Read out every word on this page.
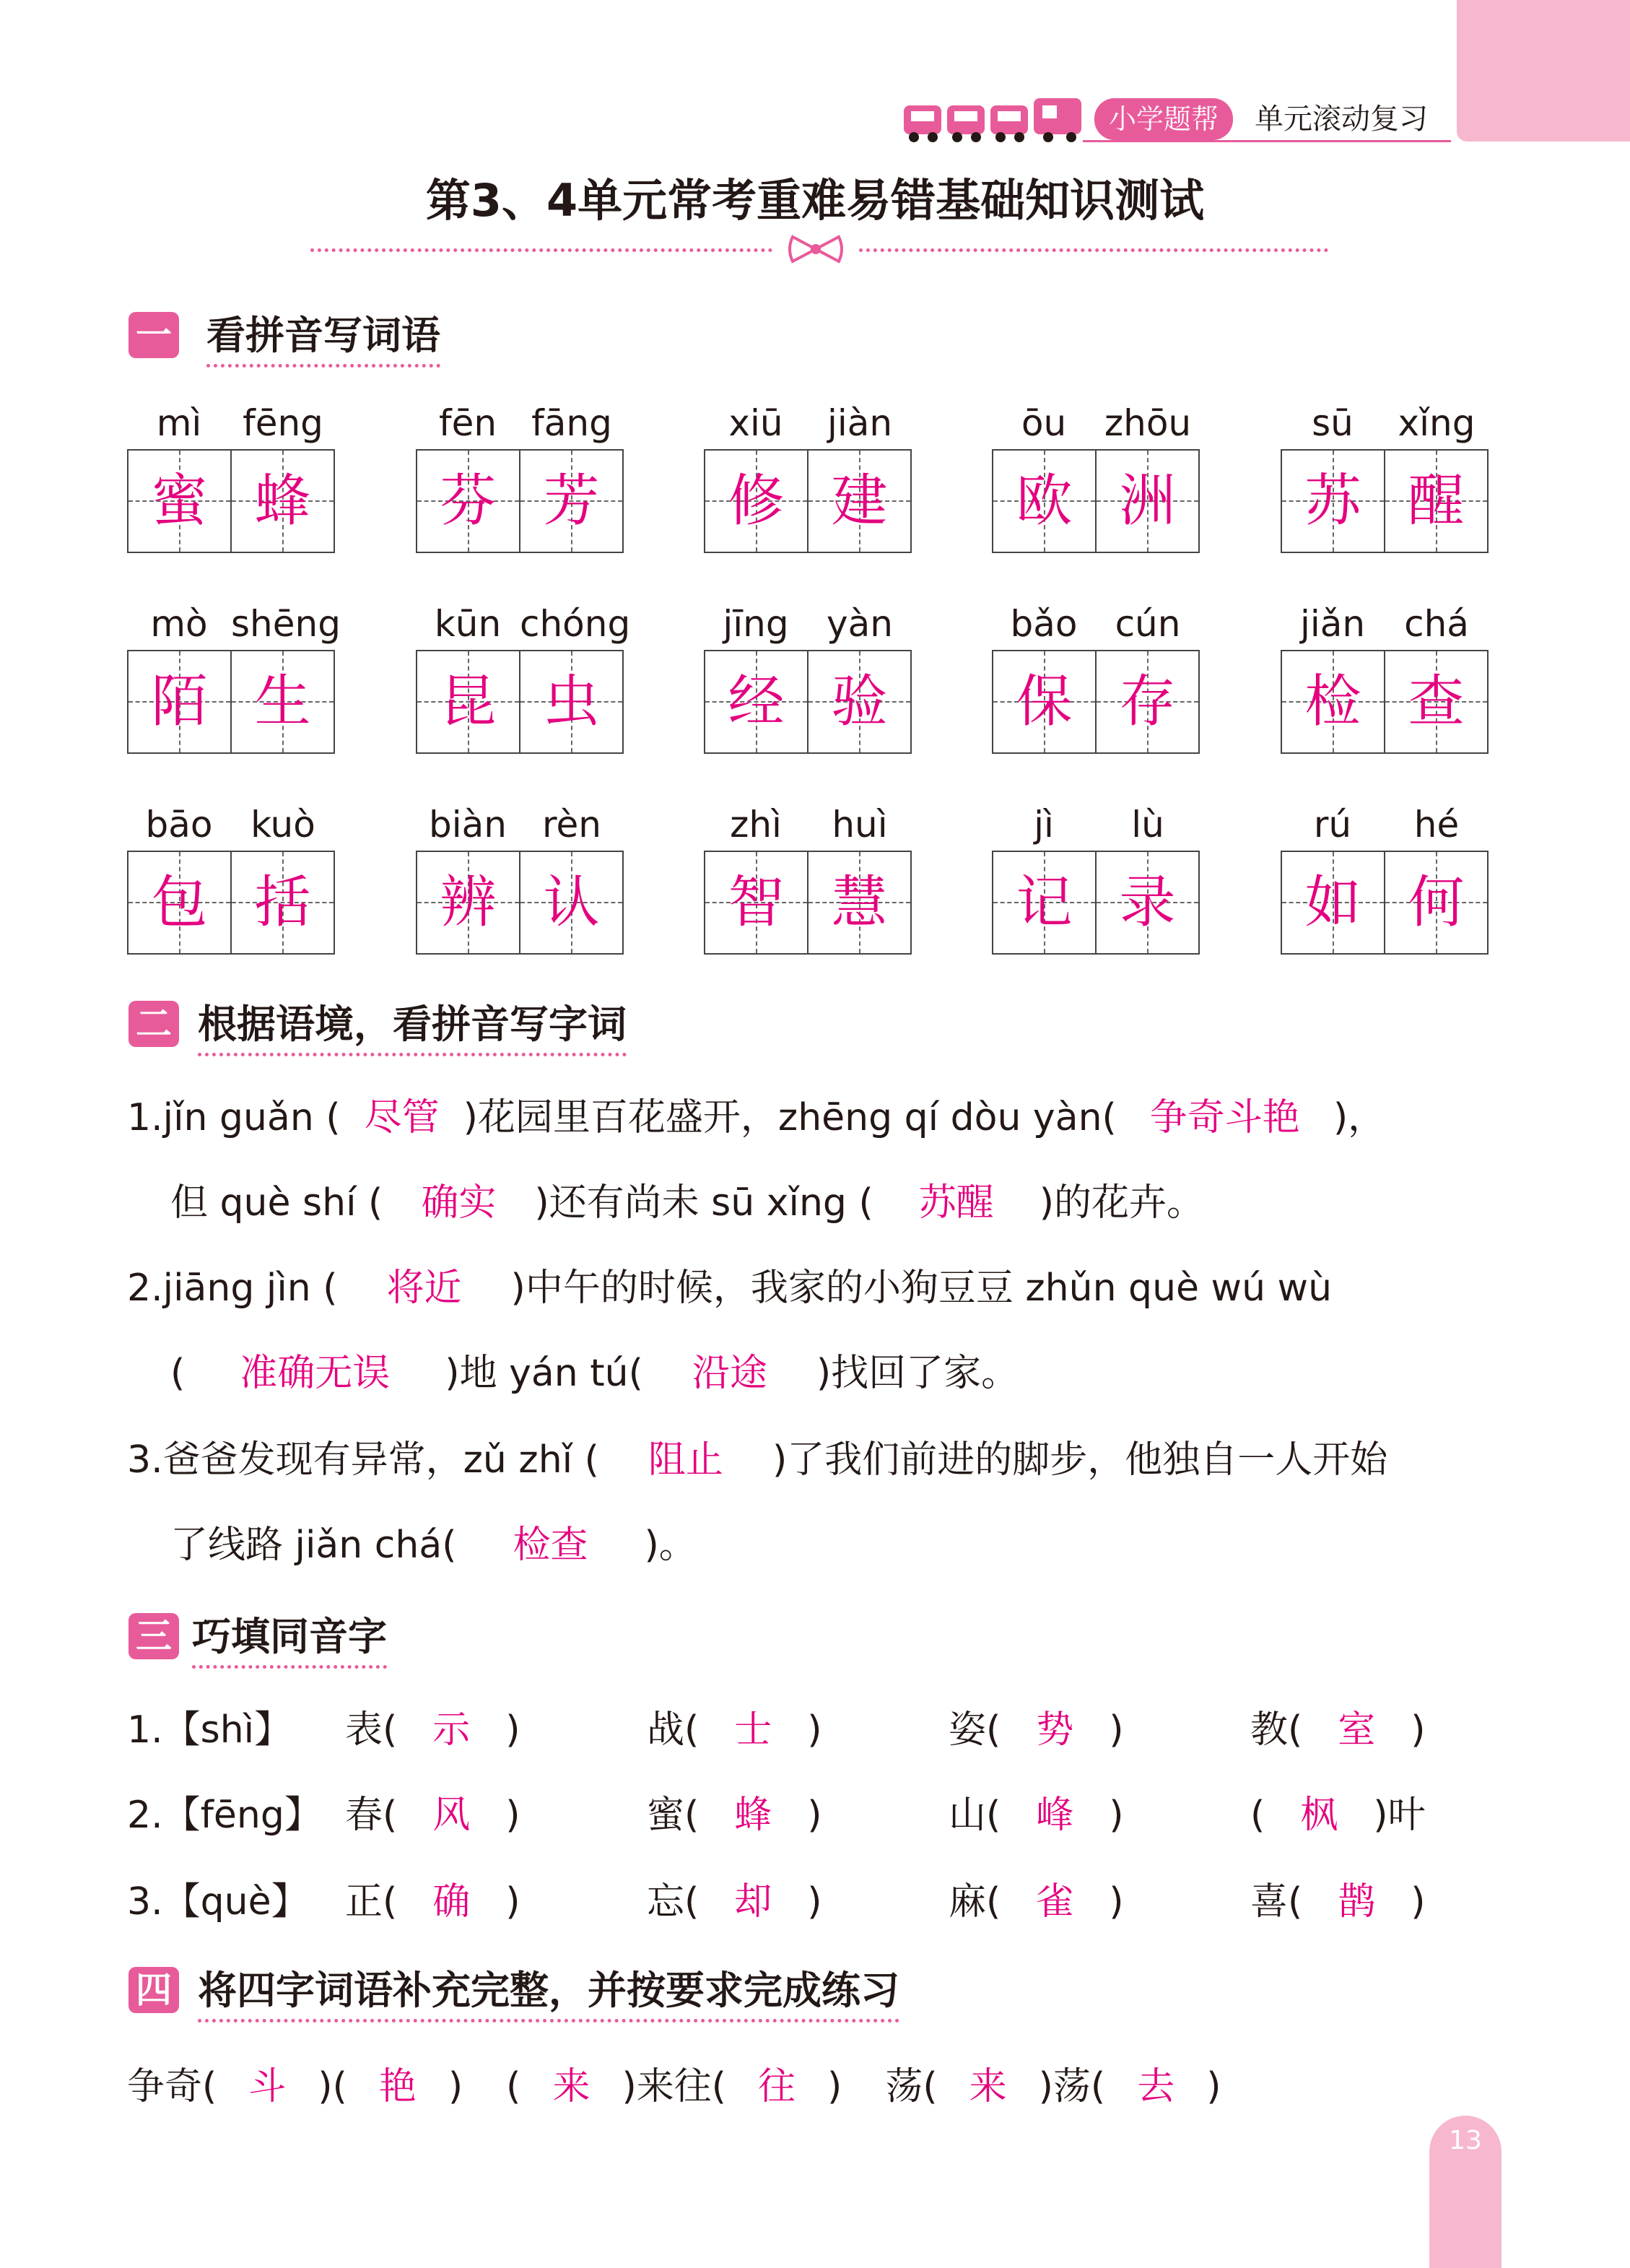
小学题帮	单元滚动复习
第3、4单元常考重难易错基础知识测试
一 看拼音写词语
mì	fēng
蜜 蜂
fēn fāng
芬 芳
xiū	jiàn
修 建
ōu	zhōu
欧 洲
sū	xǐng
苏 醒
mò shēng
陌 生
kūn chóng
昆 虫
jīng	yàn
经 验
bǎo	cún
保 存
jiǎn	chá
检 查
bāo	kuò
包 括
biàn rèn
辨 认
zhì	huì
智 慧
jì	lù
记 录
rú	hé
如 何
二 根据语境，看拼音写字词
1.jǐn guǎn ( 尽管 )花园里百花盛开，zhēng qí dòu yàn( 争奇斗艳 )，
但 què shí ( 确实 )还有尚未 sū xǐng ( 苏醒 )的花卉。
2.jiāng jìn ( 将近 )中午的时候，我家的小狗豆豆 zhǔn què wú wù
( 准确无误 )地 yán tú( 沿途 )找回了家。
3.爸爸发现有异常，zǔ zhǐ ( 阻止 )了我们前进的脚步，他独自一人开始
了线路 jiǎn chá( 检查 )。
三 巧填同音字
1.【shì】 表( 示 )	战( 士 )	姿( 势 )	教( 室 )
2.【fēng】 春( 风 )	蜜( 蜂 )	山( 峰 )	( 枫 )叶
3.【què】 正( 确 )	忘( 却 )	麻( 雀 )	喜( 鹊 )
四 将四字词语补充完整，并按要求完成练习
争奇( 斗 )( 艳 ) ( 来 )来往( 往 ) 荡( 来 )荡( 去 )
13
